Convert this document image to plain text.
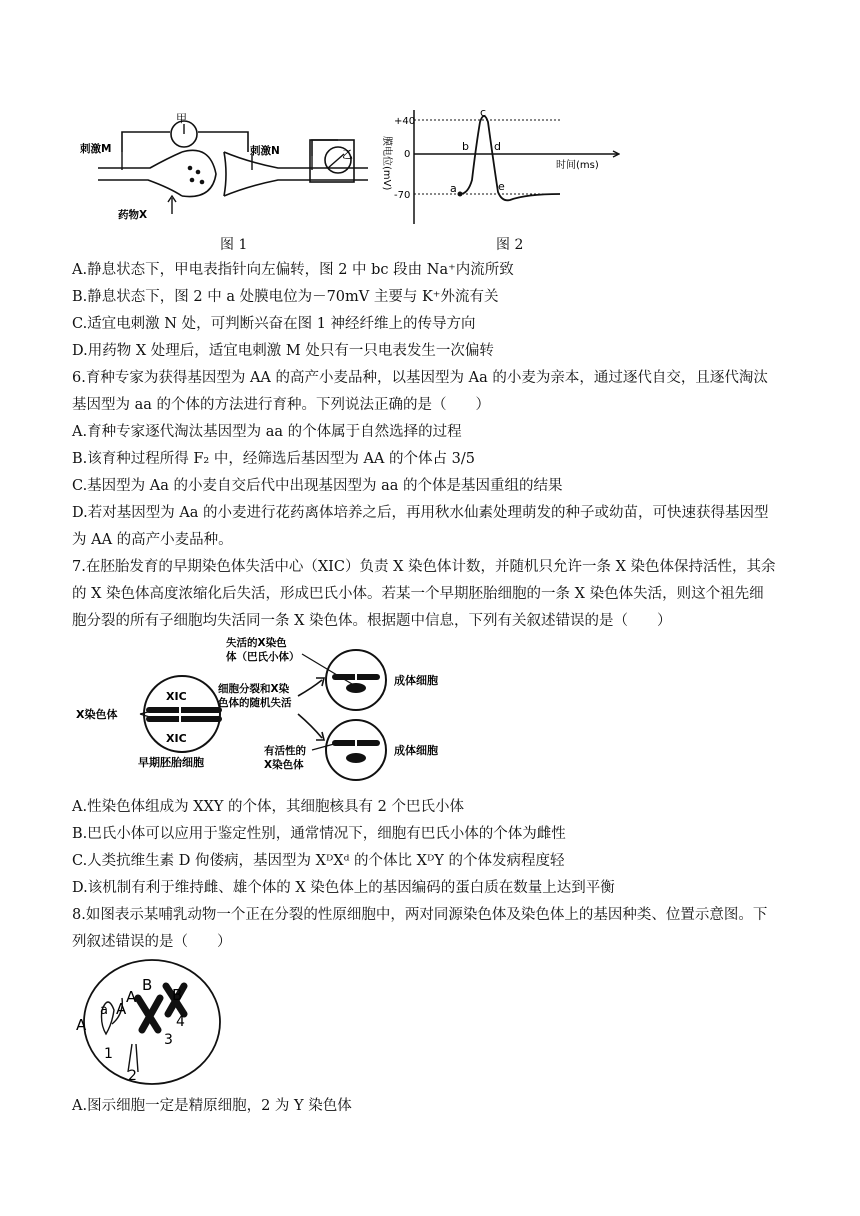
甲
乙
刺激M	刺激N
药物X
图 1
+40
0
-70
膜电位(mV)	时间(ms)
a
b
c
d
e
图 2
A.静息状态下，甲电表指针向左偏转，图 2 中 bc 段由 Na⁺内流所致
B.静息状态下，图 2 中 a 处膜电位为－70mV 主要与 K⁺外流有关
C.适宜电刺激 N 处，可判断兴奋在图 1 神经纤维上的传导方向
D.用药物 X 处理后，适宜电刺激 M 处只有一只电表发生一次偏转
6.育种专家为获得基因型为 AA 的高产小麦品种，以基因型为 Aa 的小麦为亲本，通过逐代自交，且逐代淘汰
基因型为 aa 的个体的方法进行育种。下列说法正确的是（　　）
A.育种专家逐代淘汰基因型为 aa 的个体属于自然选择的过程
B.该育种过程所得 F₂ 中，经筛选后基因型为 AA 的个体占 3/5
C.基因型为 Aa 的小麦自交后代中出现基因型为 aa 的个体是基因重组的结果
D.若对基因型为 Aa 的小麦进行花药离体培养之后，再用秋水仙素处理萌发的种子或幼苗，可快速获得基因型
为 AA 的高产小麦品种。
7.在胚胎发育的早期染色体失活中心（XIC）负责 X 染色体计数，并随机只允许一条 X 染色体保持活性，其余
的 X 染色体高度浓缩化后失活，形成巴氏小体。若某一个早期胚胎细胞的一条 X 染色体失活，则这个祖先细
胞分裂的所有子细胞均失活同一条 X 染色体。根据题中信息，下列有关叙述错误的是（　　）
XIC
XIC
X染色体
早期胚胎细胞
细胞分裂和X染
色体的随机失活
成体细胞
失活的X染色
体（巴氏小体）
成体细胞
有活性的
X染色体
A.性染色体组成为 XXY 的个体，其细胞核具有 2 个巴氏小体
B.巴氏小体可以应用于鉴定性别，通常情况下，细胞有巴氏小体的个体为雌性
C.人类抗维生素 D 佝偻病，基因型为 XᴰXᵈ 的个体比 XᴰY 的个体发病程度轻
D.该机制有利于维持雌、雄个体的 X 染色体上的基因编码的蛋白质在数量上达到平衡
8.如图表示某哺乳动物一个正在分裂的性原细胞中，两对同源染色体及染色体上的基因种类、位置示意图。下
列叙述错误的是（　　）
A
a A
A
B
B
4
1
2
3
A.图示细胞一定是精原细胞，2 为 Y 染色体
